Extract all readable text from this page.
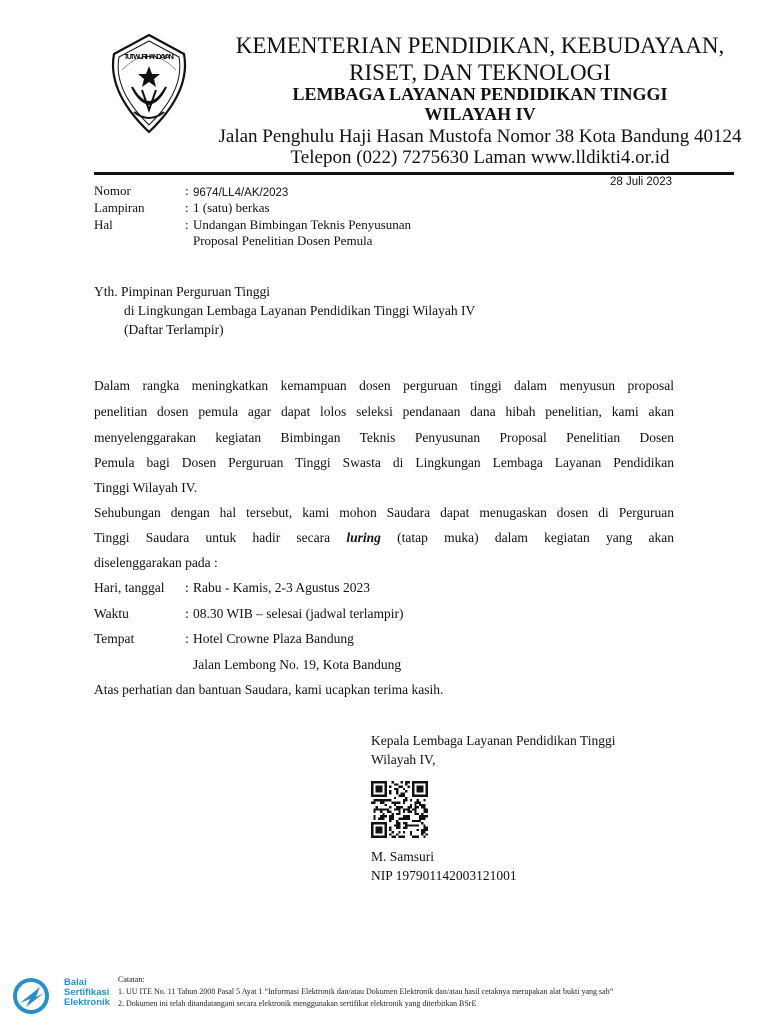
TUT WURI HANDAYANI	KEMENTERIAN PENDIDIKAN, KEBUDAYAAN,
RISET, DAN TEKNOLOGI
LEMBAGA LAYANAN PENDIDIKAN TINGGI
WILAYAH IV
Jalan Penghulu Haji Hasan Mustofa Nomor 38 Kota Bandung 40124
Telepon (022) 7275630 Laman www.lldikti4.or.id
28 Juli 2023
Nomor	: 9674/LL4/AK/2023
Lampiran	: 1 (satu) berkas
Hal	: Undangan Bimbingan Teknis Penyusunan
Proposal Penelitian Dosen Pemula
Yth. Pimpinan Perguruan Tinggi
di Lingkungan Lembaga Layanan Pendidikan Tinggi Wilayah IV
(Daftar Terlampir)
Dalam rangka meningkatkan kemampuan dosen perguruan tinggi dalam menyusun proposal
penelitian dosen pemula agar dapat lolos seleksi pendanaan dana hibah penelitian, kami akan
menyelenggarakan kegiatan Bimbingan Teknis Penyusunan Proposal Penelitian Dosen
Pemula bagi Dosen Perguruan Tinggi Swasta di Lingkungan Lembaga Layanan Pendidikan
Tinggi Wilayah IV.
Sehubungan dengan hal tersebut, kami mohon Saudara dapat menugaskan dosen di Perguruan
Tinggi Saudara untuk hadir secara luring (tatap muka) dalam kegiatan yang akan
diselenggarakan pada :
Hari, tanggal : Rabu - Kamis, 2-3 Agustus 2023
Waktu	: 08.30 WIB – selesai (jadwal terlampir)
Tempat	: Hotel Crowne Plaza Bandung
Jalan Lembong No. 19, Kota Bandung
Atas perhatian dan bantuan Saudara, kami ucapkan terima kasih.
Kepala Lembaga Layanan Pendidikan Tinggi
Wilayah IV,
M. Samsuri
NIP 197901142003121001
Balai
Sertifikasi
Elektronik
Catatan:
1. UU ITE No. 11 Tahun 2008 Pasal 5 Ayat 1 “Informasi Elektronik dan/atau Dokumen Elektronik dan/atau hasil cetaknya merupakan alat bukti yang sah”
2. Dokumen ini telah ditandatangani secara elektronik menggunakan sertifikat elektronik yang diterbitkan BSrE
